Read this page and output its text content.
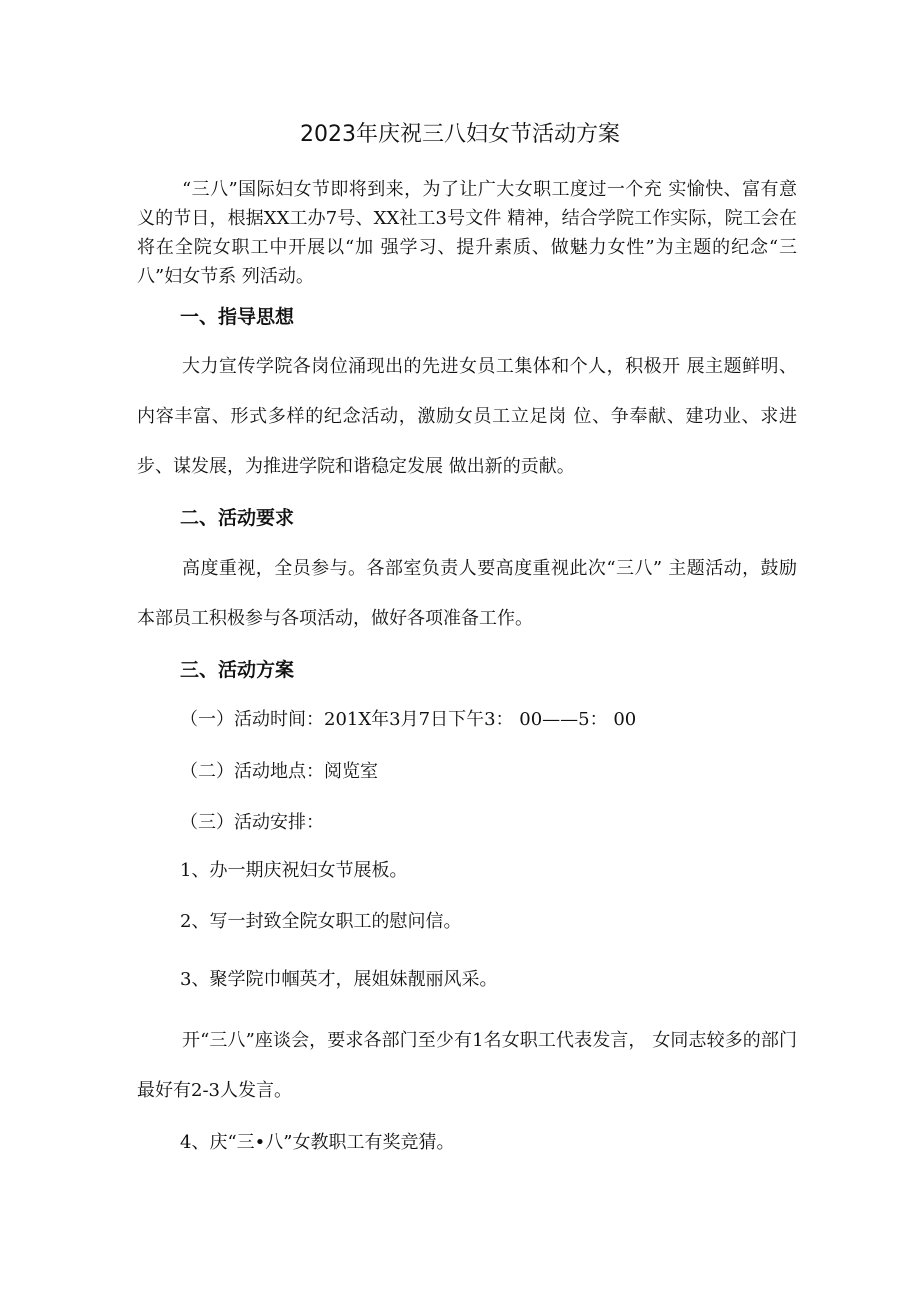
2023年庆祝三八妇女节活动方案

“三八”国际妇女节即将到来，为了让广大女职工度过一个充 实愉快、富有意义的节日，根据XX工办7号、XX社工3号文件 精神，结合学院工作实际，院工会在将在全院女职工中开展以“加 强学习、提升素质、做魅力女性”为主题的纪念“三八”妇女节系 列活动。

一、指导思想

大力宣传学院各岗位涌现出的先进女员工集体和个人，积极开 展主题鲜明、内容丰富、形式多样的纪念活动，激励女员工立足岗 位、争奉献、建功业、求进步、谋发展，为推进学院和谐稳定发展 做出新的贡献。

二、活动要求

高度重视，全员参与。各部室负责人要高度重视此次“三八” 主题活动，鼓励本部员工积极参与各项活动，做好各项准备工作。

三、活动方案

（一）活动时间：201X年3月7日下午3： 00——5： 00

（二）活动地点：阅览室

（三）活动安排：

1、办一期庆祝妇女节展板。

2、写一封致全院女职工的慰问信。

3、聚学院巾帼英才，展姐妹靓丽风采。

开“三八”座谈会，要求各部门至少有1名女职工代表发言， 女同志较多的部门最好有2-3人发言。

4、庆“三•八”女教职工有奖竞猜。
